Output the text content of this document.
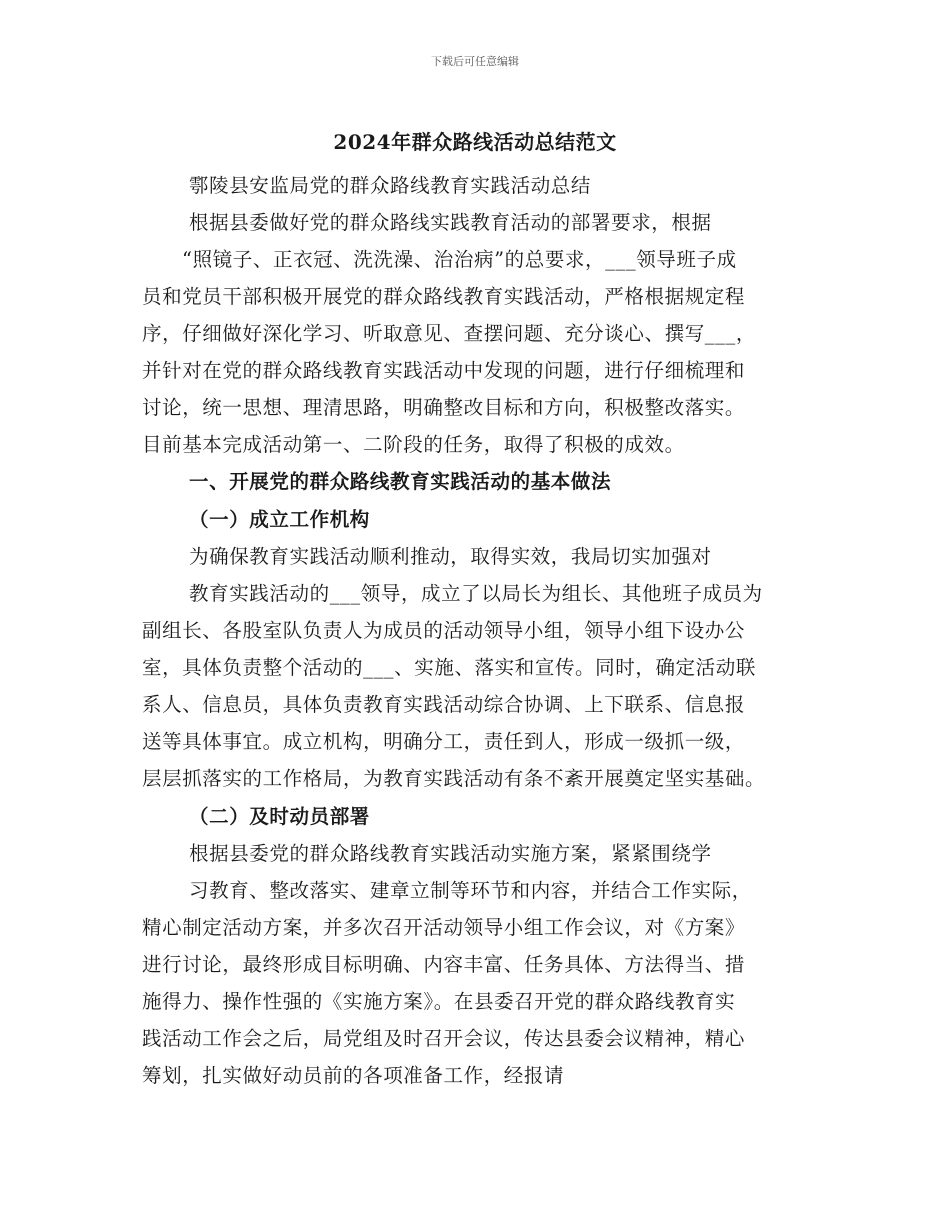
下载后可任意编辑
2024年群众路线活动总结范文
鄠陵县安监局党的群众路线教育实践活动总结
根据县委做好党的群众路线实践教育活动的部署要求，根据
“照镜子、正衣冠、洗洗澡、治治病”的总要求，___领导班子成
员和党员干部积极开展党的群众路线教育实践活动，严格根据规定程
序，仔细做好深化学习、听取意见、查摆问题、充分谈心、撰写___，
并针对在党的群众路线教育实践活动中发现的问题，进行仔细梳理和
讨论，统一思想、理清思路，明确整改目标和方向，积极整改落实。
目前基本完成活动第一、二阶段的任务，取得了积极的成效。
一、开展党的群众路线教育实践活动的基本做法
（一）成立工作机构
为确保教育实践活动顺利推动，取得实效，我局切实加强对
教育实践活动的___领导，成立了以局长为组长、其他班子成员为
副组长、各股室队负责人为成员的活动领导小组，领导小组下设办公
室，具体负责整个活动的___、实施、落实和宣传。同时，确定活动联
系人、信息员，具体负责教育实践活动综合协调、上下联系、信息报
送等具体事宜。成立机构，明确分工，责任到人，形成一级抓一级，
层层抓落实的工作格局，为教育实践活动有条不紊开展奠定坚实基础。
（二）及时动员部署
根据县委党的群众路线教育实践活动实施方案，紧紧围绕学
习教育、整改落实、建章立制等环节和内容，并结合工作实际，
精心制定活动方案，并多次召开活动领导小组工作会议，对《方案》
进行讨论，最终形成目标明确、内容丰富、任务具体、方法得当、措
施得力、操作性强的《实施方案》。在县委召开党的群众路线教育实
践活动工作会之后，局党组及时召开会议，传达县委会议精神，精心
筹划，扎实做好动员前的各项准备工作，经报请
